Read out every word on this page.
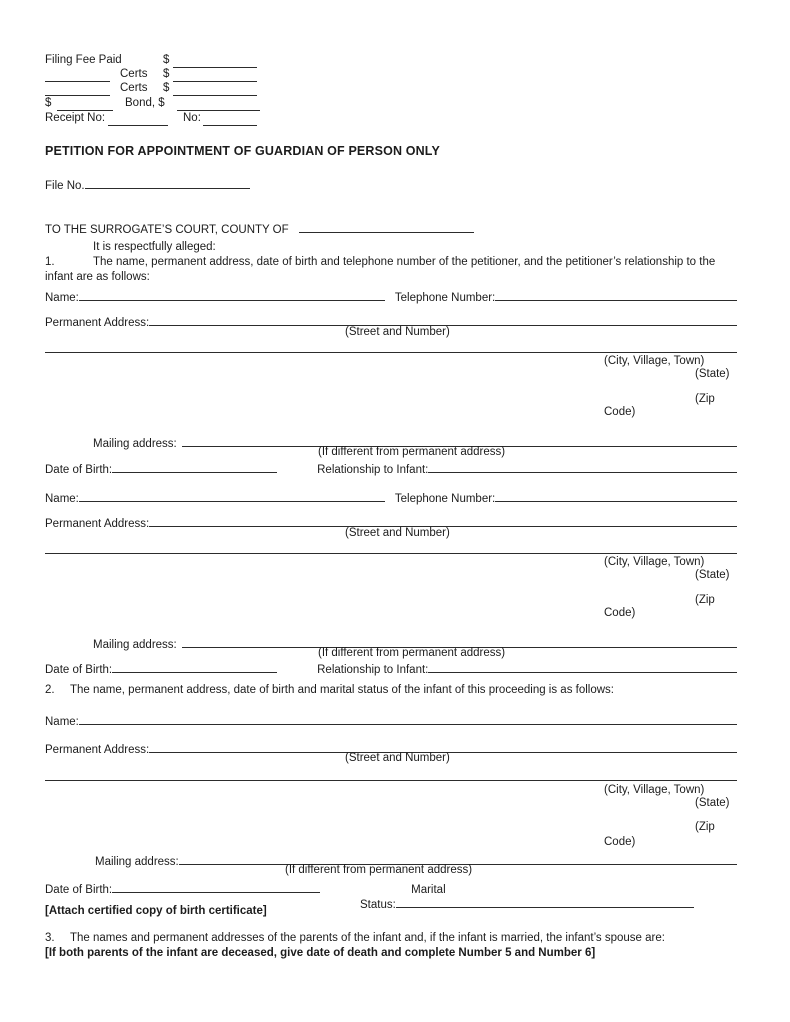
Filing Fee Paid	$
Certs $
Certs $
$	Bond, $
Receipt No:	No:
PETITION FOR APPOINTMENT OF GUARDIAN OF PERSON ONLY
File No.
TO THE SURROGATE’S COURT, COUNTY OF
It is respectfully alleged:
1.	The name, permanent address, date of birth and telephone number of the petitioner, and the petitioner’s relationship to the
infant are as follows:
Name:	Telephone Number:
Permanent Address:
(Street and Number)
(City, Village, Town)
(State)
(Zip
Code)
Mailing address:
(If different from permanent address)
Date of Birth:	Relationship to Infant:
Name:	Telephone Number:
Permanent Address:
(Street and Number)
(City, Village, Town)
(State)
(Zip
Code)
Mailing address:
(If different from permanent address)
Date of Birth:	Relationship to Infant:
2.	The name, permanent address, date of birth and marital status of the infant of this proceeding is as follows:
Name:
Permanent Address:
(Street and Number)
(City, Village, Town)
(State)
(Zip
Code)
Mailing address:
(If different from permanent address)
Date of Birth:	Marital
Status:
[Attach certified copy of birth certificate]
3.	The names and permanent addresses of the parents of the infant and, if the infant is married, the infant’s spouse are:
[If both parents of the infant are deceased, give date of death and complete Number 5 and Number 6]
